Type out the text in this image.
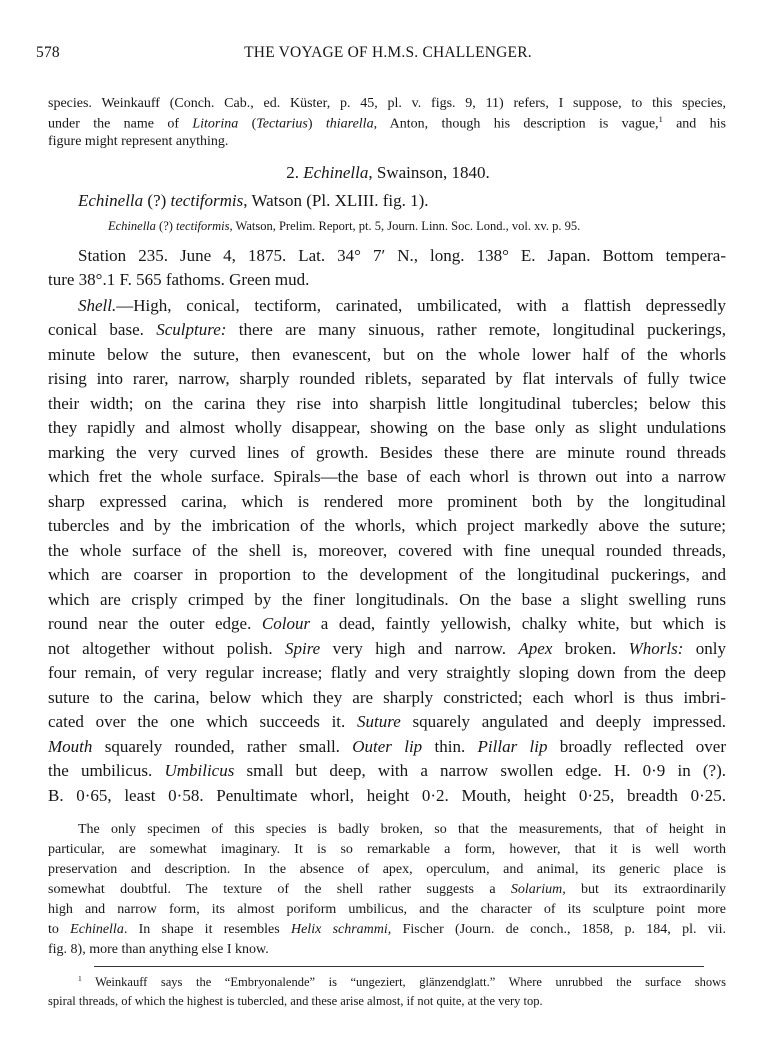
578	THE VOYAGE OF H.M.S. CHALLENGER.
species. Weinkauff (Conch. Cab., ed. Küster, p. 45, pl. v. figs. 9, 11) refers, I suppose, to this species,
under the name of Litorina (Tectarius) thiarella, Anton, though his description is vague,$^1$ and his
figure might represent anything.
2. Echinella, Swainson, 1840.
Echinella (?) tectiformis, Watson (Pl. XLIII. fig. 1).
Echinella (?) tectiformis, Watson, Prelim. Report, pt. 5, Journ. Linn. Soc. Lond., vol. xv. p. 95.
Station 235. June 4, 1875. Lat. 34° 7′ N., long. 138° E. Japan. Bottom tempera-
ture 38°.1 F. 565 fathoms. Green mud.
Shell.—High, conical, tectiform, carinated, umbilicated, with a flattish depressedly
conical base. Sculpture: there are many sinuous, rather remote, longitudinal puckerings,
minute below the suture, then evanescent, but on the whole lower half of the whorls
rising into rarer, narrow, sharply rounded riblets, separated by flat intervals of fully twice
their width; on the carina they rise into sharpish little longitudinal tubercles; below this
they rapidly and almost wholly disappear, showing on the base only as slight undulations
marking the very curved lines of growth. Besides these there are minute round threads
which fret the whole surface. Spirals—the base of each whorl is thrown out into a narrow
sharp expressed carina, which is rendered more prominent both by the longitudinal
tubercles and by the imbrication of the whorls, which project markedly above the suture;
the whole surface of the shell is, moreover, covered with fine unequal rounded threads,
which are coarser in proportion to the development of the longitudinal puckerings, and
which are crisply crimped by the finer longitudinals. On the base a slight swelling runs
round near the outer edge. Colour a dead, faintly yellowish, chalky white, but which is
not altogether without polish. Spire very high and narrow. Apex broken. Whorls: only
four remain, of very regular increase; flatly and very straightly sloping down from the deep
suture to the carina, below which they are sharply constricted; each whorl is thus imbri-
cated over the one which succeeds it. Suture squarely angulated and deeply impressed.
Mouth squarely rounded, rather small. Outer lip thin. Pillar lip broadly reflected over
the umbilicus. Umbilicus small but deep, with a narrow swollen edge. H. 0·9 in (?).
B. 0·65, least 0·58. Penultimate whorl, height 0·2. Mouth, height 0·25, breadth 0·25.
The only specimen of this species is badly broken, so that the measurements, that of height in
particular, are somewhat imaginary. It is so remarkable a form, however, that it is well worth
preservation and description. In the absence of apex, operculum, and animal, its generic place is
somewhat doubtful. The texture of the shell rather suggests a Solarium, but its extraordinarily
high and narrow form, its almost poriform umbilicus, and the character of its sculpture point more
to Echinella. In shape it resembles Helix schrammi, Fischer (Journ. de conch., 1858, p. 184, pl. vii.
fig. 8), more than anything else I know.
$^1$ Weinkauff says the “Embryonalende” is “ungeziert, glänzendglatt.” Where unrubbed the surface shows
spiral threads, of which the highest is tubercled, and these arise almost, if not quite, at the very top.
